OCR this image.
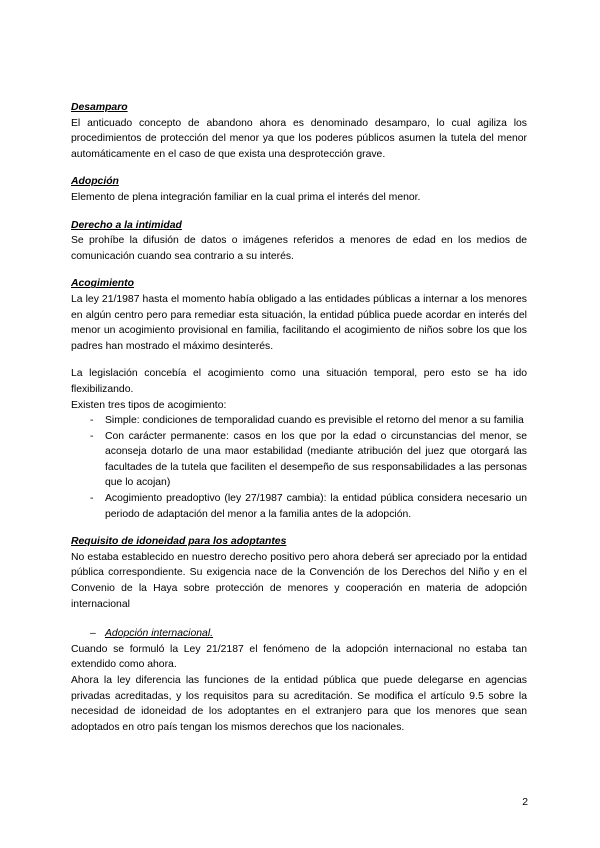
Desamparo

El anticuado concepto de abandono ahora es denominado desamparo, lo cual agiliza los procedimientos de protección del menor ya que los poderes públicos asumen la tutela del menor automáticamente en el caso de que exista una desprotección grave.

Adopción

Elemento de plena integración familiar en la cual prima el interés del menor.

Derecho a la intimidad

Se prohíbe la difusión de datos o imágenes referidos a menores de edad en los medios de comunicación cuando sea contrario a su interés.

Acogimiento

La ley 21/1987 hasta el momento había obligado a las entidades públicas a internar a los menores en algún centro pero para remediar esta situación, la entidad pública puede acordar en interés del menor un acogimiento provisional en familia, facilitando el acogimiento de niños sobre los que los padres han mostrado el máximo desinterés.

La legislación concebía el acogimiento como una situación temporal, pero esto se ha ido flexibilizando.

Existen tres tipos de acogimiento:

- Simple: condiciones de temporalidad cuando es previsible el retorno del menor a su familia
- Con carácter permanente: casos en los que por la edad o circunstancias del menor, se aconseja dotarlo de una maor estabilidad (mediante atribución del juez que otorgará las facultades de la tutela que faciliten el desempeño de sus responsabilidades a las personas que lo acojan)
- Acogimiento preadoptivo (ley 27/1987 cambia): la entidad pública considera necesario un periodo de adaptación del menor a la familia antes de la adopción.
Requisito de idoneidad para los adoptantes

No estaba establecido en nuestro derecho positivo pero ahora deberá ser apreciado por la entidad pública correspondiente. Su exigencia nace de la Convención de los Derechos del Niño y en el Convenio de la Haya sobre protección de menores y cooperación en materia de adopción internacional

– Adopción internacional.

Cuando se formuló la Ley 21/2187 el fenómeno de la adopción internacional no estaba tan extendido como ahora.

Ahora la ley diferencia las funciones de la entidad pública que puede delegarse en agencias privadas acreditadas, y los requisitos para su acreditación. Se modifica el artículo 9.5 sobre la necesidad de idoneidad de los adoptantes en el extranjero para que los menores que sean adoptados en otro país tengan los mismos derechos que los nacionales.

2
